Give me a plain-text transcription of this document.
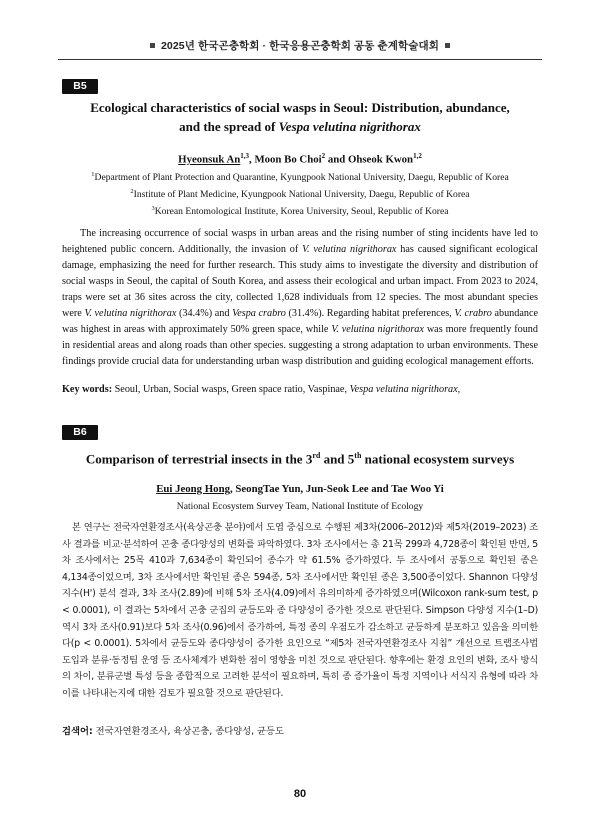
2025년 한국곤충학회 · 한국응용곤충학회 공동 춘계학술대회
B5
Ecological characteristics of social wasps in Seoul: Distribution, abundance,
and the spread of Vespa velutina nigrithorax
Hyeonsuk An$^{1,3}$, Moon Bo Choi$^2$ and Ohseok Kwon$^{1,2}$
$^1$Department of Plant Protection and Quarantine, Kyungpook National University, Daegu, Republic of Korea
$^2$Institute of Plant Medicine, Kyungpook National University, Daegu, Republic of Korea
$^3$Korean Entomological Institute, Korea University, Seoul, Republic of Korea

The increasing occurrence of social wasps in urban areas and the rising number of sting incidents have led to heightened public concern. Additionally, the invasion of V. velutina nigrithorax has caused significant ecological damage, emphasizing the need for further research. This study aims to investigate the diversity and distribution of social wasps in Seoul, the capital of South Korea, and assess their ecological and urban impact. From 2023 to 2024, traps were set at 36 sites across the city, collected 1,628 individuals from 12 species. The most abundant species were V. velutina nigrithorax (34.4%) and Vespa crabro (31.4%). Regarding habitat preferences, V. crabro abundance was highest in areas with approximately 50% green space, while V. velutina nigrithorax was more frequently found in residential areas and along roads than other species. suggesting a strong adaptation to urban environments. These findings provide crucial data for understanding urban wasp distribution and guiding ecological management efforts.

Key words: Seoul, Urban, Social wasps, Green space ratio, Vaspinae, Vespa velutina nigrithorax,
B6
Comparison of terrestrial insects in the 3rd and 5th national ecosystem surveys
Eui Jeong Hong, SeongTae Yun, Jun-Seok Lee and Tae Woo Yi
National Ecosystem Survey Team, National Institute of Ecology

본 연구는 전국자연환경조사(육상곤충 분야)에서 도엽 중심으로 수행된 제3차(2006–2012)와 제5차(2019–2023) 조사 결과를 비교·분석하여 곤충 종다양성의 변화를 파악하였다. 3차 조사에서는 총 21목 299과 4,728종이 확인된 반면, 5차 조사에서는 25목 410과 7,634종이 확인되어 종수가 약 61.5% 증가하였다. 두 조사에서 공통으로 확인된 종은 4,134종이었으며, 3차 조사에서만 확인된 종은 594종, 5차 조사에서만 확인된 종은 3,500종이었다. Shannon 다양성 지수(H') 분석 결과, 3차 조사(2.89)에 비해 5차 조사(4.09)에서 유의미하게 증가하였으며(Wilcoxon rank-sum test, p < 0.0001), 이 결과는 5차에서 곤충 군집의 균등도와 종 다양성이 증가한 것으로 판단된다. Simpson 다양성 지수(1–D) 역시 3차 조사(0.91)보다 5차 조사(0.96)에서 증가하여, 특정 종의 우점도가 감소하고 균등하게 분포하고 있음을 의미한다(p < 0.0001). 5차에서 균등도와 종다양성이 증가한 요인으로 “제5차 전국자연환경조사 지침” 개선으로 트랩조사법 도입과 분류·동정팀 운영 등 조사체계가 변화한 점이 영향을 미친 것으로 판단된다. 향후에는 환경 요인의 변화, 조사 방식의 차이, 분류군별 특성 등을 종합적으로 고려한 분석이 필요하며, 특히 종 증가율이 특정 지역이나 서식지 유형에 따라 차이를 나타내는지에 대한 검토가 필요할 것으로 판단된다.

검색어: 전국자연환경조사, 육상곤충, 종다양성, 균등도
80
